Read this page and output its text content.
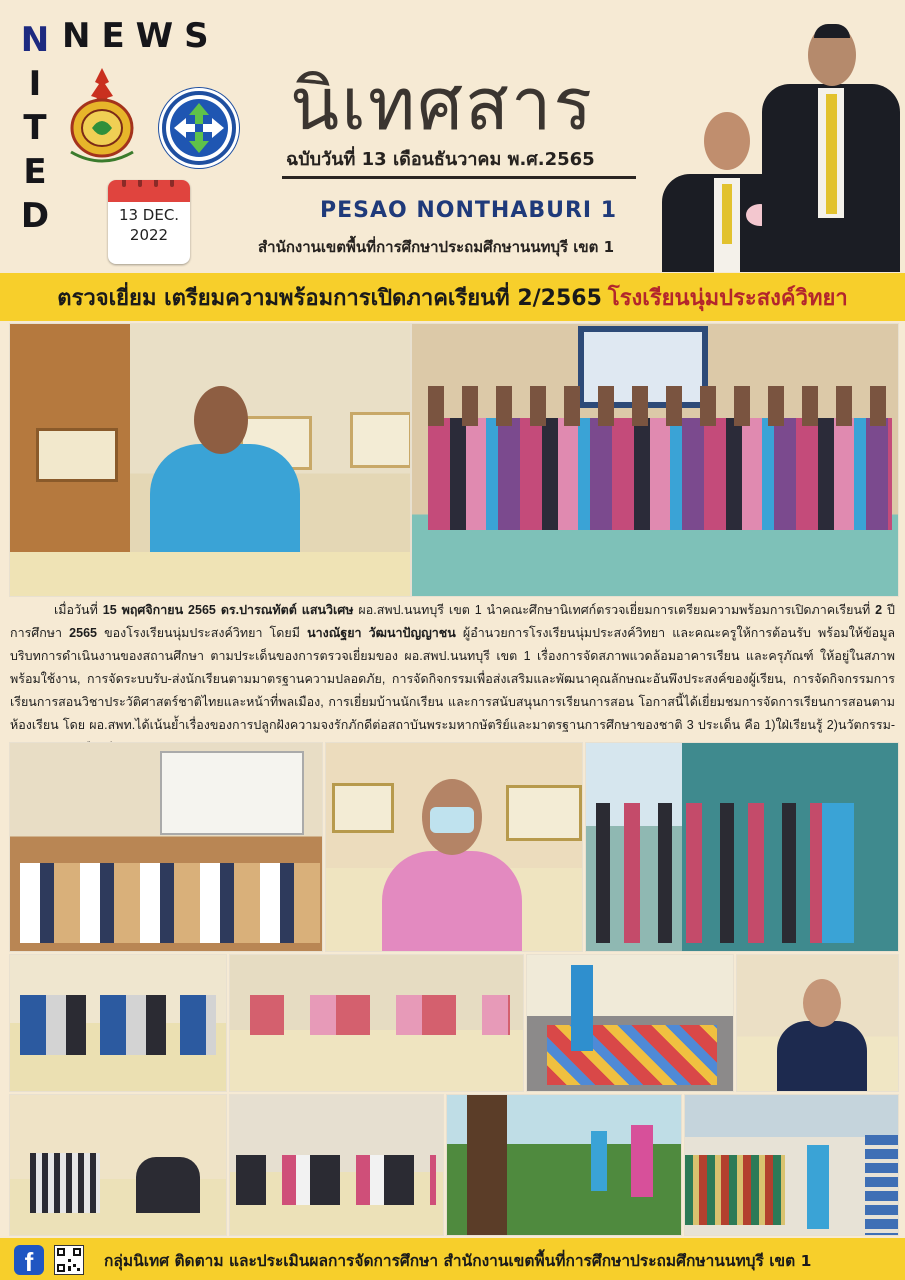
N
I
T
E
D
NEWS
13 DEC.
2022
นิเทศสาร
ฉบับวันที่ 13 เดือนธันวาคม พ.ศ.2565
PESAO NONTHABURI 1
สำนักงานเขตพื้นที่การศึกษาประถมศึกษานนทบุรี เขต 1
ตรวจเยี่ยม เตรียมความพร้อมการเปิดภาคเรียนที่ 2/2565 โรงเรียนนุ่มประสงค์วิทยา
เมื่อวันที่ 15 พฤศจิกายน 2565 ดร.ปารณทัตต์ แสนวิเศษ ผอ.สพป.นนทบุรี เขต 1 นำคณะศึกษานิเทศก์ตรวจเยี่ยมการเตรียมความพร้อมการเปิดภาคเรียนที่ 2 ปีการศึกษา 2565 ของโรงเรียนนุ่มประสงค์วิทยา โดยมี นางณัฐยา วัฒนาปัญญาชน ผู้อำนวยการโรงเรียนนุ่มประสงค์วิทยา และคณะครูให้การต้อนรับ พร้อมให้ข้อมูลบริบทการดำเนินงานของสถานศึกษา ตามประเด็นของการตรวจเยี่ยมของ ผอ.สพป.นนทบุรี เขต 1 เรื่องการจัดสภาพแวดล้อมอาคารเรียน และครุภัณฑ์ ให้อยู่ในสภาพพร้อมใช้งาน, การจัดระบบรับ-ส่งนักเรียนตามมาตรฐานความปลอดภัย, การจัดกิจกรรมเพื่อส่งเสริมและพัฒนาคุณลักษณะอันพึงประสงค์ของผู้เรียน, การจัดกิจกรรมการเรียนการสอนวิชาประวัติศาสตร์ชาติไทยและหน้าที่พลเมือง, การเยี่ยมบ้านนักเรียน และการสนับสนุนการเรียนการสอน โอกาสนี้ได้เยี่ยมชมการจัดการเรียนการสอนตามห้องเรียน โดย ผอ.สพท.ได้เน้นย้ำเรื่องของการปลูกฝังความจงรักภักดีต่อสถาบันพระมหากษัตริย์และมาตรฐานการศึกษาของชาติ 3 ประเด็น คือ 1)ใฝ่เรียนรู้ 2)นวัตกรรม-
f	กลุ่มนิเทศ ติดตาม และประเมินผลการจัดการศึกษา สำนักงานเขตพื้นที่การศึกษาประถมศึกษานนทบุรี เขต 1
